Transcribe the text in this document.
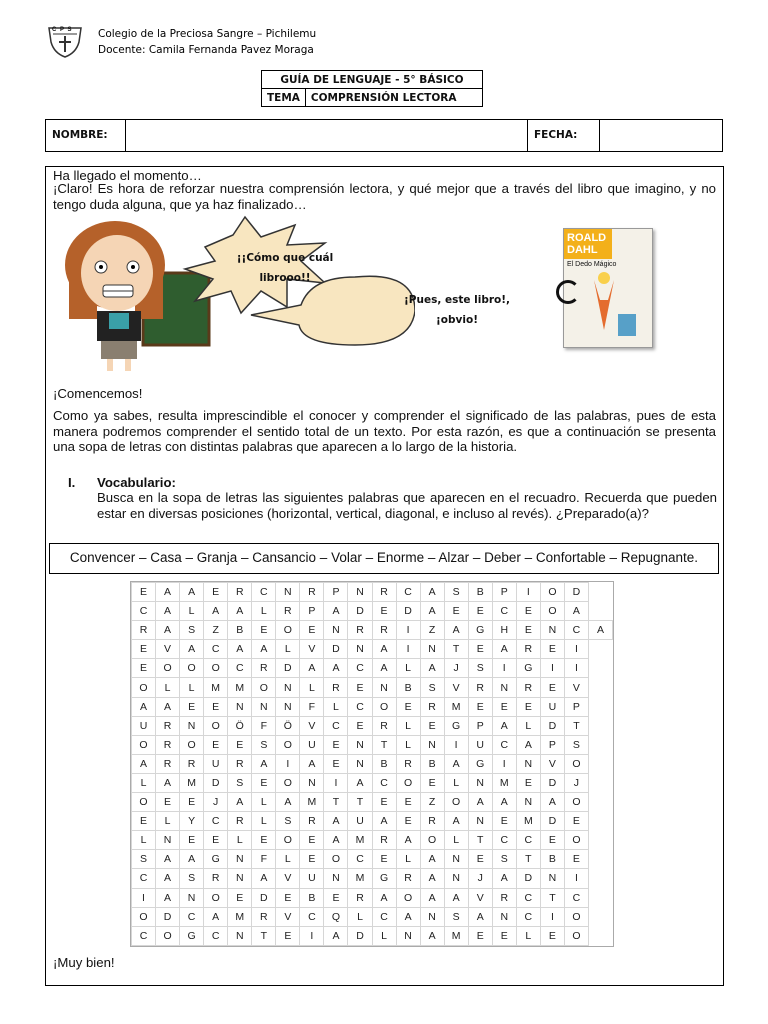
C P S Colegio de la Preciosa Sangre – Pichilemu
Docente: Camila Fernanda Pavez Moraga
GUÍA DE LENGUAJE - 5° BÁSICO
TEMA	COMPRENSIÓN LECTORA
NOMBRE:	FECHA:
Ha llegado el momento…
¡Claro! Es hora de reforzar nuestra comprensión lectora, y qué mejor que a través del libro que imagino, y no tengo duda alguna, que ya haz finalizado…
¡¡Cómo que cuál librooo!!
¡Pues, este libro!, ¡obvio!
ROALD DAHL
El Dedo Mágico
¡Comencemos!
Como ya sabes, resulta imprescindible el conocer y comprender el significado de las palabras, pues de esta manera podremos comprender el sentido total de un texto. Por esta razón, es que a continuación se presenta una sopa de letras con distintas palabras que aparecen a lo largo de la historia.
I. Vocabulario:
Busca en la sopa de letras las siguientes palabras que aparecen en el recuadro. Recuerda que pueden estar en diversas posiciones (horizontal, vertical, diagonal, e incluso al revés). ¿Preparado(a)?
Convencer – Casa – Granja – Cansancio – Volar – Enorme – Alzar – Deber – Confortable – Repugnante.
E	A	A	E	R	C	N	R	P	N	R	C	A	S	B	P	I	O	D	
C	A	L	A	A	L	R	P	A	D	E	D	A	E	E	C	E	O	A	
R	A	S	Z	B	E	O	E	N	R	R	I	Z	A	G	H	E	N	C	A
E	V	A	C	A	A	L	V	D	N	A	I	N	T	E	A	R	E	I	
E	O	O	O	C	R	D	A	A	C	A	L	A	J	S	I	G	I	I	
O	L	L	M	M	O	N	L	R	E	N	B	S	V	R	N	R	E	V	
A	A	E	E	N	N	N	F	L	C	O	E	R	M	E	E	E	U	P	
U	R	N	O	Ö	F	Ö	V	C	E	R	L	E	G	P	A	L	D	T	
O	R	O	E	E	S	O	U	E	N	T	L	N	I	U	C	A	P	S	
A	R	R	U	R	A	I	A	E	N	B	R	B	A	G	I	N	V	O	
L	A	M	D	S	E	O	N	I	A	C	O	E	L	N	M	E	D	J	
O	E	E	J	A	L	A	M	T	T	E	E	Z	O	A	A	N	A	O	
E	L	Y	C	R	L	S	R	A	U	A	E	R	A	N	E	M	D	E	
L	N	E	E	L	E	O	E	A	M	R	A	O	L	T	C	C	E	O	
S	A	A	G	N	F	L	E	O	C	E	L	A	N	E	S	T	B	E	
C	A	S	R	N	A	V	U	N	M	G	R	A	N	J	A	D	N	I	
I	A	N	O	E	D	E	B	E	R	A	O	A	A	V	R	C	T	C	
O	D	C	A	M	R	V	C	Q	L	C	A	N	S	A	N	C	I	O	
C	O	G	C	N	T	E	I	A	D	L	N	A	M	E	E	L	E	O	
¡Muy bien!
